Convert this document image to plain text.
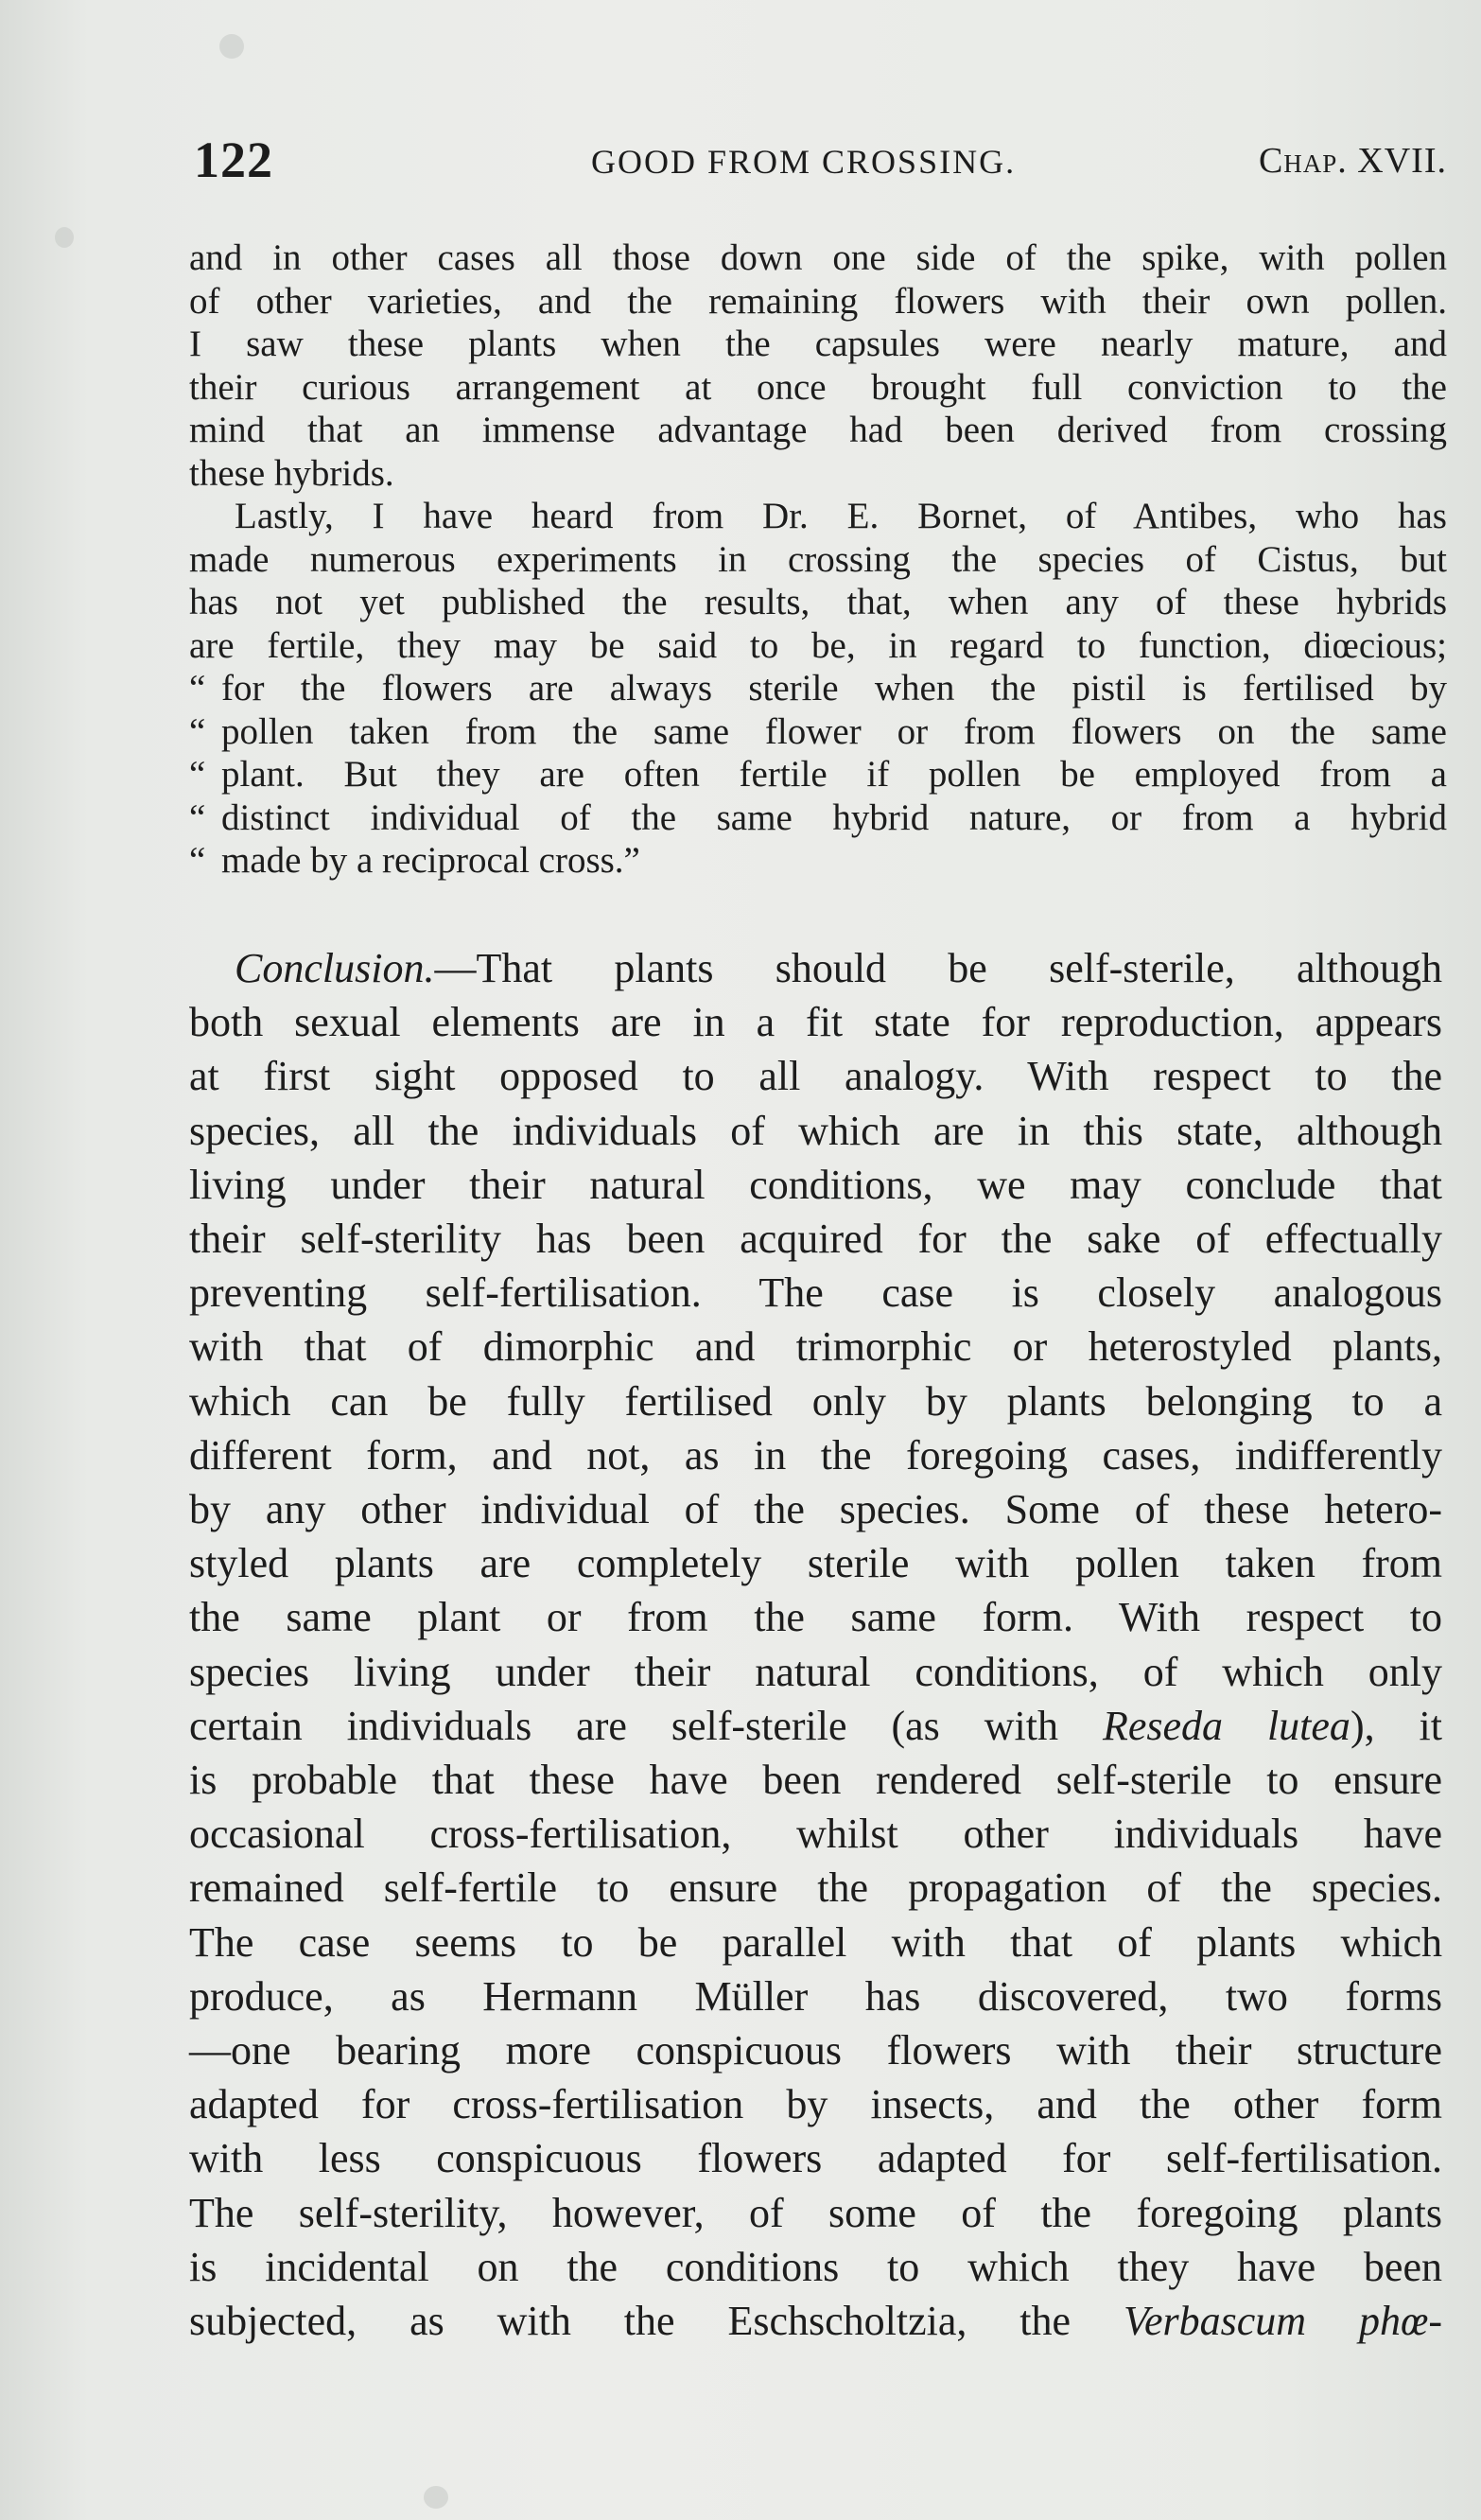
122	GOOD FROM CROSSING.	Chap. XVII.
and in other cases all those down one side of the spike, with pollen
of other varieties, and the remaining flowers with their own pollen.
I saw these plants when the capsules were nearly mature, and
their curious arrangement at once brought full conviction to the
mind that an immense advantage had been derived from crossing
these hybrids.
Lastly, I have heard from Dr. E. Bornet, of Antibes, who has
made numerous experiments in crossing the species of Cistus, but
has not yet published the results, that, when any of these hybrids
are fertile, they may be said to be, in regard to function, diœcious;
“ for the flowers are always sterile when the pistil is fertilised by
“ pollen taken from the same flower or from flowers on the same
“ plant. But they are often fertile if pollen be employed from a
“ distinct individual of the same hybrid nature, or from a hybrid
“ made by a reciprocal cross.”
Conclusion.—That plants should be self-sterile, although
both sexual elements are in a fit state for reproduction, appears
at first sight opposed to all analogy. With respect to the
species, all the individuals of which are in this state, although
living under their natural conditions, we may conclude that
their self-sterility has been acquired for the sake of effectually
preventing self-fertilisation. The case is closely analogous
with that of dimorphic and trimorphic or heterostyled plants,
which can be fully fertilised only by plants belonging to a
different form, and not, as in the foregoing cases, indifferently
by any other individual of the species. Some of these hetero-
styled plants are completely sterile with pollen taken from
the same plant or from the same form. With respect to
species living under their natural conditions, of which only
certain individuals are self-sterile (as with Reseda lutea), it
is probable that these have been rendered self-sterile to ensure
occasional cross-fertilisation, whilst other individuals have
remained self-fertile to ensure the propagation of the species.
The case seems to be parallel with that of plants which
produce, as Hermann Müller has discovered, two forms
—one bearing more conspicuous flowers with their structure
adapted for cross-fertilisation by insects, and the other form
with less conspicuous flowers adapted for self-fertilisation.
The self-sterility, however, of some of the foregoing plants
is incidental on the conditions to which they have been
subjected, as with the Eschscholtzia, the Verbascum phœ-
